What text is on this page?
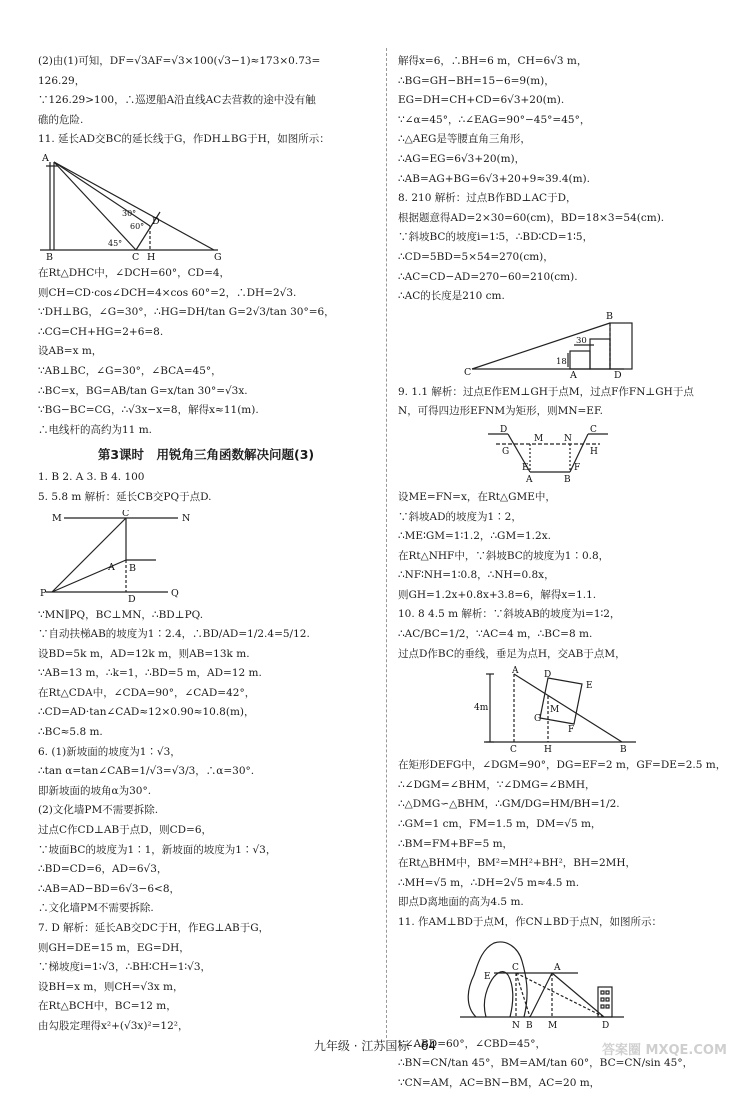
(2)由(1)可知，DF=√3AF=√3×100(√3−1)≈173×0.73=
126.29，
∵126.29>100，∴巡逻船A沿直线AC去营救的途中没有触
礁的危险.
11. 延长AD交BC的延长线于G，作DH⊥BG于H，如图所示：
A
D
B	C H	G
30°
60°
45°
在Rt△DHC中，∠DCH=60°，CD=4，
则CH=CD·cos∠DCH=4×cos 60°=2，∴DH=2√3.
∵DH⊥BG，∠G=30°，∴HG=DH/tan G=2√3/tan 30°=6，
∴CG=CH+HG=2+6=8.
设AB=x m，
∵AB⊥BC，∠G=30°，∠BCA=45°，
∴BC=x，BG=AB/tan G=x/tan 30°=√3x.
∵BG−BC=CG，∴√3x−x=8，解得x≈11(m).
∴电线杆的高约为11 m.
第3课时　用锐角三角函数解决问题(3)
1. B 2. A 3. B 4. 100
5. 5.8 m 解析：延长CB交PQ于点D.
M	C	N
B
A
P
D
Q
∵MN∥PQ，BC⊥MN，∴BD⊥PQ.
∵自动扶梯AB的坡度为1∶2.4，∴BD/AD=1/2.4=5/12.
设BD=5k m，AD=12k m，则AB=13k m.
∵AB=13 m，∴k=1，∴BD=5 m，AD=12 m.
在Rt△CDA中，∠CDA=90°，∠CAD=42°，
∴CD=AD·tan∠CAD≈12×0.90≈10.8(m)，
∴BC≈5.8 m.
6. (1)新坡面的坡度为1∶√3，
∴tan α=tan∠CAB=1/√3=√3/3，∴α=30°.
即新坡面的坡角α为30°.
(2)文化墙PM不需要拆除.
过点C作CD⊥AB于点D，则CD=6，
∵坡面BC的坡度为1∶1，新坡面的坡度为1∶√3，
∴BD=CD=6，AD=6√3，
∴AB=AD−BD=6√3−6<8，
∴文化墙PM不需要拆除.
7. D 解析：延长AB交DC于H，作EG⊥AB于G，
则GH=DE=15 m，EG=DH，
∵梯坡度i=1∶√3，∴BH∶CH=1∶√3，
设BH=x m，则CH=√3x m，
在Rt△BCH中，BC=12 m，
由勾股定理得x²+(√3x)²=12²，
解得x=6，∴BH=6 m，CH=6√3 m，
∴BG=GH−BH=15−6=9(m)，
EG=DH=CH+CD=6√3+20(m).
∵∠α=45°，∴∠EAG=90°−45°=45°，
∴△AEG是等腰直角三角形，
∴AG=EG=6√3+20(m)，
∴AB=AG+BG=6√3+20+9≈39.4(m).
8. 210 解析：过点B作BD⊥AC于D，
根据题意得AD=2×30=60(cm)，BD=18×3=54(cm).
∵斜坡BC的坡度i=1∶5，∴BD∶CD=1∶5，
∴CD=5BD=5×54=270(cm)，
∴AC=CD−AD=270−60=210(cm).
∴AC的长度是210 cm.
B
C	A	D
30
18
9. 1.1 解析：过点E作EM⊥GH于点M，过点F作FN⊥GH于点
N，可得四边形EFNM为矩形，则MN=EF.
D
M N
C
G	H
E
A
F
B
设ME=FN=x，在Rt△GME中，
∵斜坡AD的坡度为1∶2，
∴ME∶GM=1∶1.2，∴GM=1.2x.
在Rt△NHF中，∵斜坡BC的坡度为1∶0.8，
∴NF∶NH=1∶0.8，∴NH=0.8x，
则GH=1.2x+0.8x+3.8=6，解得x=1.1.
10. 8 4.5 m 解析：∵斜坡AB的坡度为i=1∶2，
∴AC/BC=1/2，∵AC=4 m，∴BC=8 m.
过点D作BC的垂线，垂足为点H，交AB于点M，
A
E
D
G
M
F
B
H
C
4m
在矩形DEFG中，∠DGM=90°，DG=EF=2 m，GF=DE=2.5 m，
∴∠DGM=∠BHM，∵∠DMG=∠BMH，
∴△DMG∽△BHM，∴GM/DG=HM/BH=1/2.
∴GM=1 cm，FM=1.5 m，DM=√5 m，
∴BM=FM+BF=5 m，
在Rt△BHM中，BM²=MH²+BH²，BH=2MH，
∴MH=√5 m，∴DH=2√5 m≈4.5 m.
即点D离地面的高为4.5 m.
11. 作AM⊥BD于点M，作CN⊥BD于点N，如图所示：
E
C	A
B M
N	D
∵∠ABD=60°，∠CBD=45°，
∴BN=CN/tan 45°，BM=AM/tan 60°，BC=CN/sin 45°，
∵CN=AM，AC=BN−BM，AC=20 m，
九年级 · 江苏国标 · 64	答案圈 MXQE.COM
